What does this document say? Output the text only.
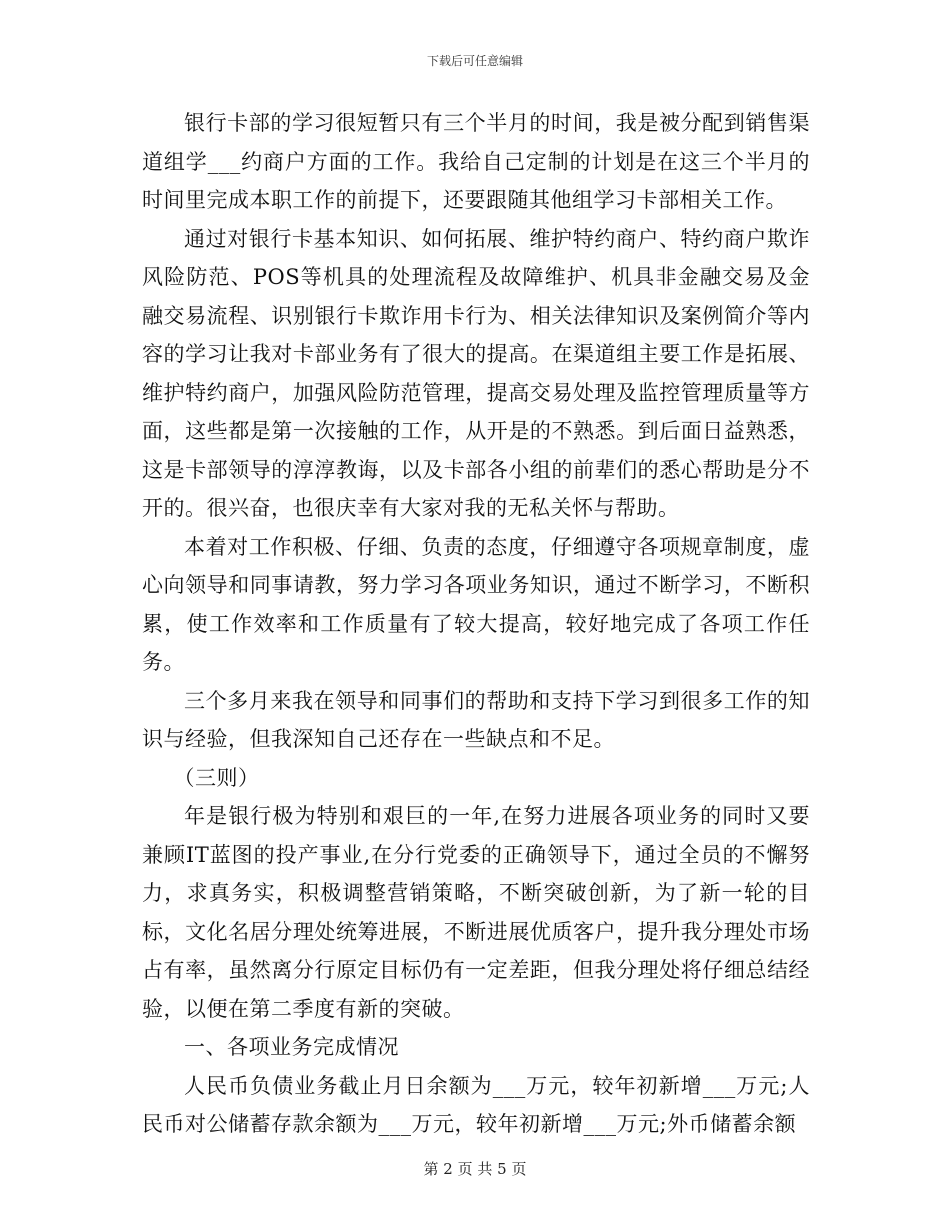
下载后可任意编辑

银行卡部的学习很短暂只有三个半月的时间，我是被分配到销售渠道组学___约商户方面的工作。我给自己定制的计划是在这三个半月的时间里完成本职工作的前提下，还要跟随其他组学习卡部相关工作。

通过对银行卡基本知识、如何拓展、维护特约商户、特约商户欺诈风险防范、POS等机具的处理流程及故障维护、机具非金融交易及金融交易流程、识别银行卡欺诈用卡行为、相关法律知识及案例简介等内容的学习让我对卡部业务有了很大的提高。在渠道组主要工作是拓展、维护特约商户，加强风险防范管理，提高交易处理及监控管理质量等方面，这些都是第一次接触的工作，从开是的不熟悉。到后面日益熟悉，这是卡部领导的淳淳教诲，以及卡部各小组的前辈们的悉心帮助是分不开的。很兴奋，也很庆幸有大家对我的无私关怀与帮助。

本着对工作积极、仔细、负责的态度，仔细遵守各项规章制度，虚心向领导和同事请教，努力学习各项业务知识，通过不断学习，不断积累，使工作效率和工作质量有了较大提高，较好地完成了各项工作任务。

三个多月来我在领导和同事们的帮助和支持下学习到很多工作的知识与经验，但我深知自己还存在一些缺点和不足。

（三则）

年是银行极为特别和艰巨的一年,在努力进展各项业务的同时又要兼顾IT蓝图的投产事业,在分行党委的正确领导下，通过全员的不懈努力，求真务实，积极调整营销策略，不断突破创新，为了新一轮的目标，文化名居分理处统筹进展，不断进展优质客户，提升我分理处市场占有率，虽然离分行原定目标仍有一定差距，但我分理处将仔细总结经验，以便在第二季度有新的突破。

一、各项业务完成情况

人民币负债业务截止月日余额为___万元，较年初新增___万元;人民币对公储蓄存款余额为___万元，较年初新增___万元;外币储蓄余额

第 2 页 共 5 页
